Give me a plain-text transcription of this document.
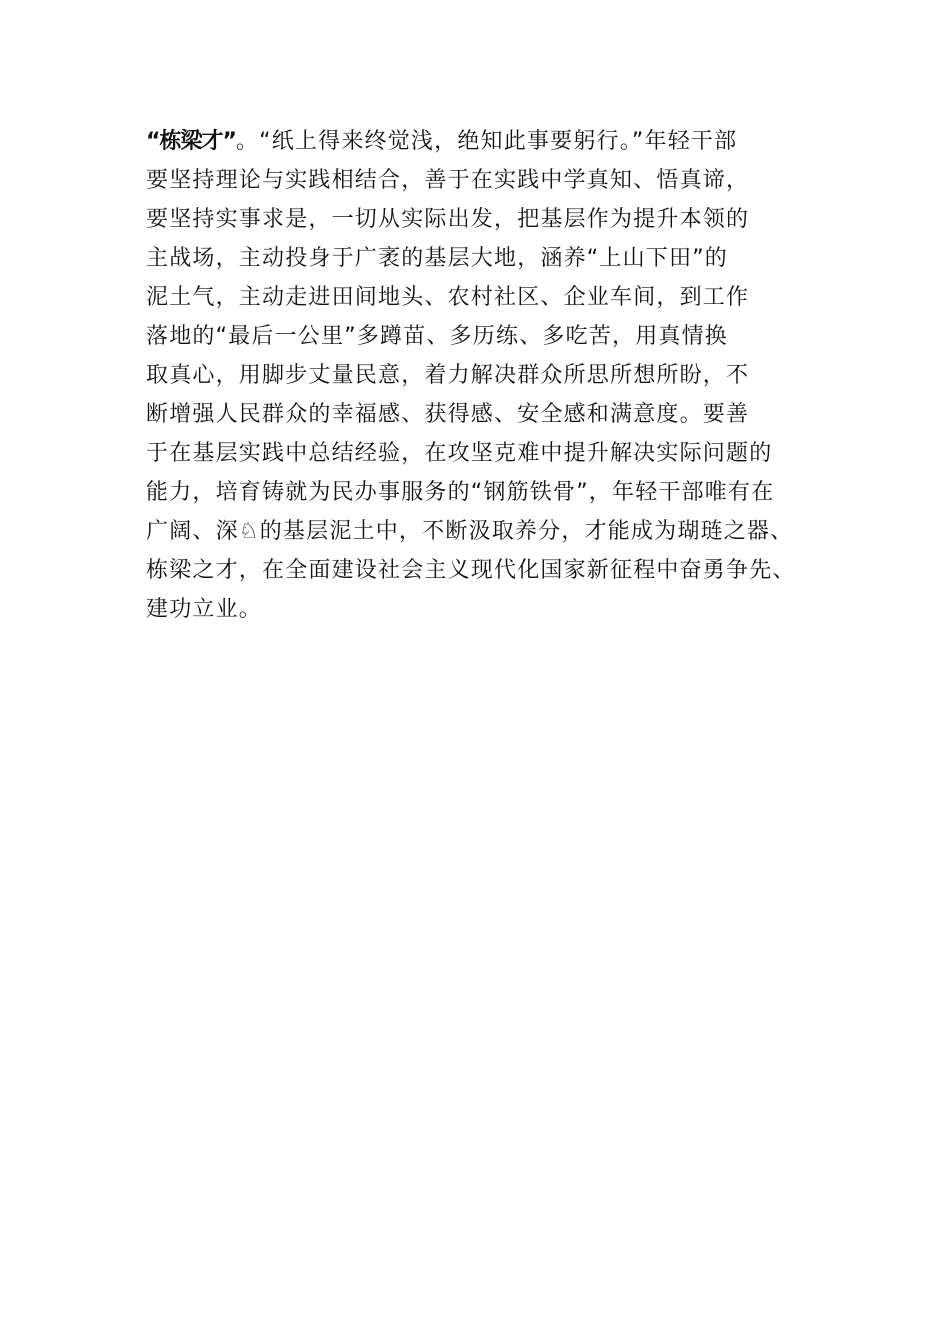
“栋梁才”。“纸上得来终觉浅，绝知此事要躬行。”年轻干部
要坚持理论与实践相结合，善于在实践中学真知、悟真谛，
要坚持实事求是，一切从实际出发，把基层作为提升本领的
主战场，主动投身于广袤的基层大地，涵养“上山下田”的
泥土气，主动走进田间地头、农村社区、企业车间，到工作
落地的“最后一公里”多蹲苗、多历练、多吃苦，用真情换
取真心，用脚步丈量民意，着力解决群众所思所想所盼，不
断增强人民群众的幸福感、获得感、安全感和满意度。要善
于在基层实践中总结经验，在攻坚克难中提升解决实际问题的
能力，培育铸就为民办事服务的“钢筋铁骨”，年轻干部唯有在
广阔、深♘的基层泥土中，不断汲取养分，才能成为瑚琏之器、
栋梁之才，在全面建设社会主义现代化国家新征程中奋勇争先、
建功立业。
